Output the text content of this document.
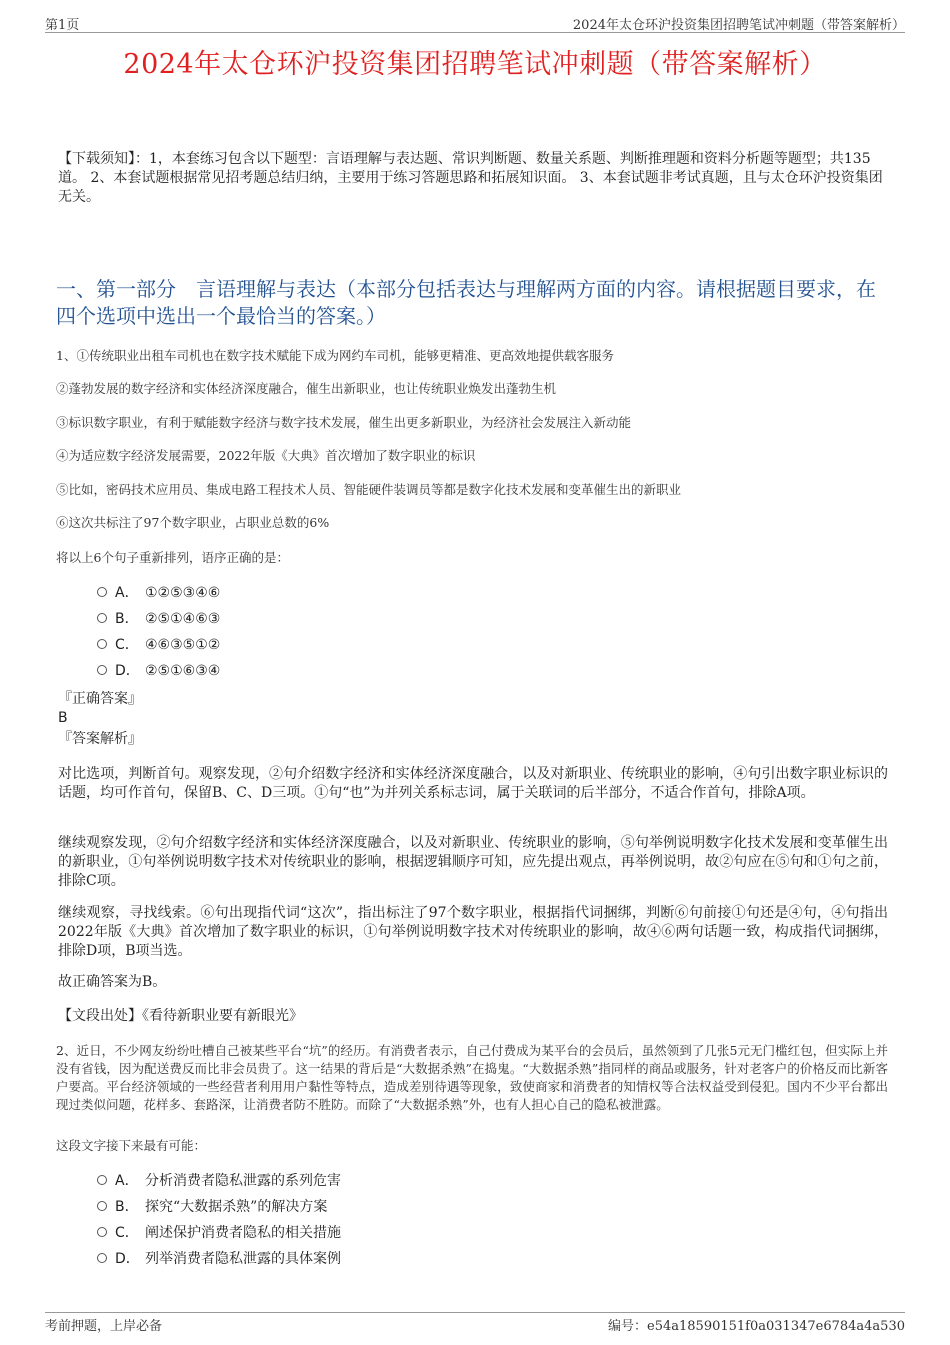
第1页	2024年太仓环沪投资集团招聘笔试冲刺题（带答案解析）
2024年太仓环沪投资集团招聘笔试冲刺题（带答案解析）
【下载须知】：1，本套练习包含以下题型：言语理解与表达题、常识判断题、数量关系题、判断推理题和资料分析题等题型；共135道。 2、本套试题根据常见招考题总结归纳，主要用于练习答题思路和拓展知识面。 3、本套试题非考试真题，且与太仓环沪投资集团无关。
一、第一部分　言语理解与表达（本部分包括表达与理解两方面的内容。请根据题目要求，在四个选项中选出一个最恰当的答案。）
1、①传统职业出租车司机也在数字技术赋能下成为网约车司机，能够更精准、更高效地提供载客服务
②蓬勃发展的数字经济和实体经济深度融合，催生出新职业，也让传统职业焕发出蓬勃生机
③标识数字职业，有利于赋能数字经济与数字技术发展，催生出更多新职业，为经济社会发展注入新动能
④为适应数字经济发展需要，2022年版《大典》首次增加了数字职业的标识
⑤比如，密码技术应用员、集成电路工程技术人员、智能硬件装调员等都是数字化技术发展和变革催生出的新职业
⑥这次共标注了97个数字职业，占职业总数的6%
将以上6个句子重新排列，语序正确的是：
A． ①②⑤③④⑥
B． ②⑤①④⑥③
C． ④⑥③⑤①②
D． ②⑤①⑥③④
『正确答案』
B
『答案解析』
对比选项，判断首句。观察发现，②句介绍数字经济和实体经济深度融合，以及对新职业、传统职业的影响，④句引出数字职业标识的话题，均可作首句，保留B、C、D三项。①句“也”为并列关系标志词，属于关联词的后半部分，不适合作首句，排除A项。
继续观察发现，②句介绍数字经济和实体经济深度融合，以及对新职业、传统职业的影响，⑤句举例说明数字化技术发展和变革催生出的新职业，①句举例说明数字技术对传统职业的影响，根据逻辑顺序可知，应先提出观点，再举例说明，故②句应在⑤句和①句之前，排除C项。
继续观察，寻找线索。⑥句出现指代词“这次”，指出标注了97个数字职业，根据指代词捆绑，判断⑥句前接①句还是④句，④句指出2022年版《大典》首次增加了数字职业的标识，①句举例说明数字技术对传统职业的影响，故④⑥两句话题一致，构成指代词捆绑，排除D项，B项当选。
故正确答案为B。
【文段出处】《看待新职业要有新眼光》
2、近日，不少网友纷纷吐槽自己被某些平台“坑”的经历。有消费者表示，自己付费成为某平台的会员后，虽然领到了几张5元无门槛红包，但实际上并没有省钱，因为配送费反而比非会员贵了。这一结果的背后是“大数据杀熟”在捣鬼。“大数据杀熟”指同样的商品或服务，针对老客户的价格反而比新客户要高。平台经济领域的一些经营者利用用户黏性等特点，造成差别待遇等现象，致使商家和消费者的知情权等合法权益受到侵犯。国内不少平台都出现过类似问题，花样多、套路深，让消费者防不胜防。而除了“大数据杀熟”外，也有人担心自己的隐私被泄露。
这段文字接下来最有可能：
A． 分析消费者隐私泄露的系列危害
B． 探究“大数据杀熟”的解决方案
C． 阐述保护消费者隐私的相关措施
D． 列举消费者隐私泄露的具体案例
考前押题，上岸必备	编号：e54a18590151f0a031347e6784a4a530
